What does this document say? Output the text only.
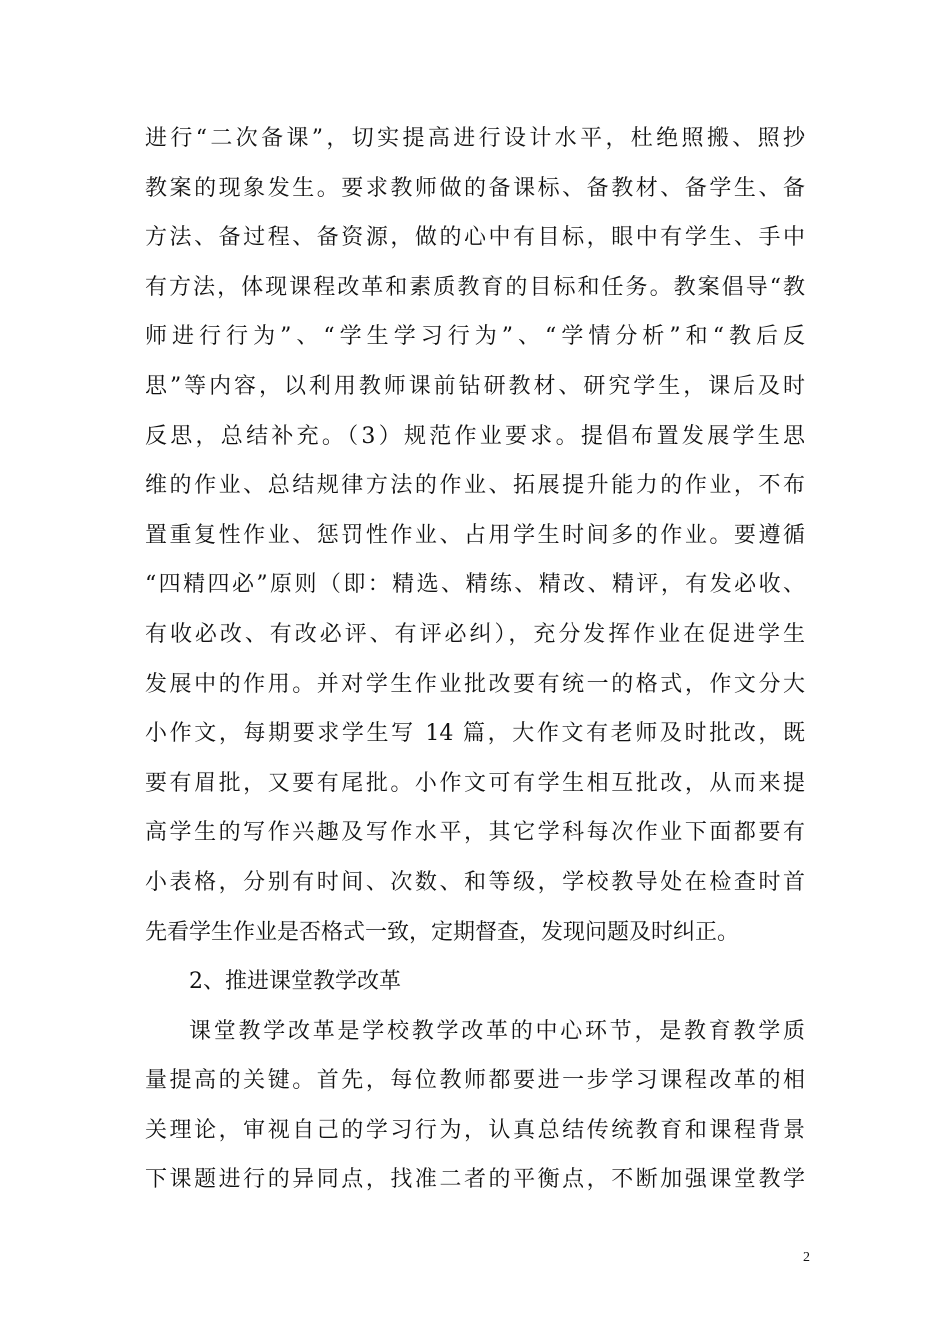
进行“二次备课”，切实提高进行设计水平，杜绝照搬、照抄
教案的现象发生。要求教师做的备课标、备教材、备学生、备
方法、备过程、备资源，做的心中有目标，眼中有学生、手中
有方法，体现课程改革和素质教育的目标和任务。教案倡导“教
师进行行为”、“学生学习行为”、“学情分析”和“教后反
思”等内容，以利用教师课前钻研教材、研究学生，课后及时
反思，总结补充。（3）规范作业要求。提倡布置发展学生思
维的作业、总结规律方法的作业、拓展提升能力的作业，不布
置重复性作业、惩罚性作业、占用学生时间多的作业。要遵循
“四精四必”原则（即：精选、精练、精改、精评，有发必收、
有收必改、有改必评、有评必纠），充分发挥作业在促进学生
发展中的作用。并对学生作业批改要有统一的格式，作文分大
小作文，每期要求学生写 14 篇，大作文有老师及时批改，既
要有眉批，又要有尾批。小作文可有学生相互批改，从而来提
高学生的写作兴趣及写作水平，其它学科每次作业下面都要有
小表格，分别有时间、次数、和等级，学校教导处在检查时首
先看学生作业是否格式一致，定期督查，发现问题及时纠正。
2、推进课堂教学改革
课堂教学改革是学校教学改革的中心环节，是教育教学质
量提高的关键。首先，每位教师都要进一步学习课程改革的相
关理论，审视自己的学习行为，认真总结传统教育和课程背景
下课题进行的异同点，找准二者的平衡点，不断加强课堂教学
2
